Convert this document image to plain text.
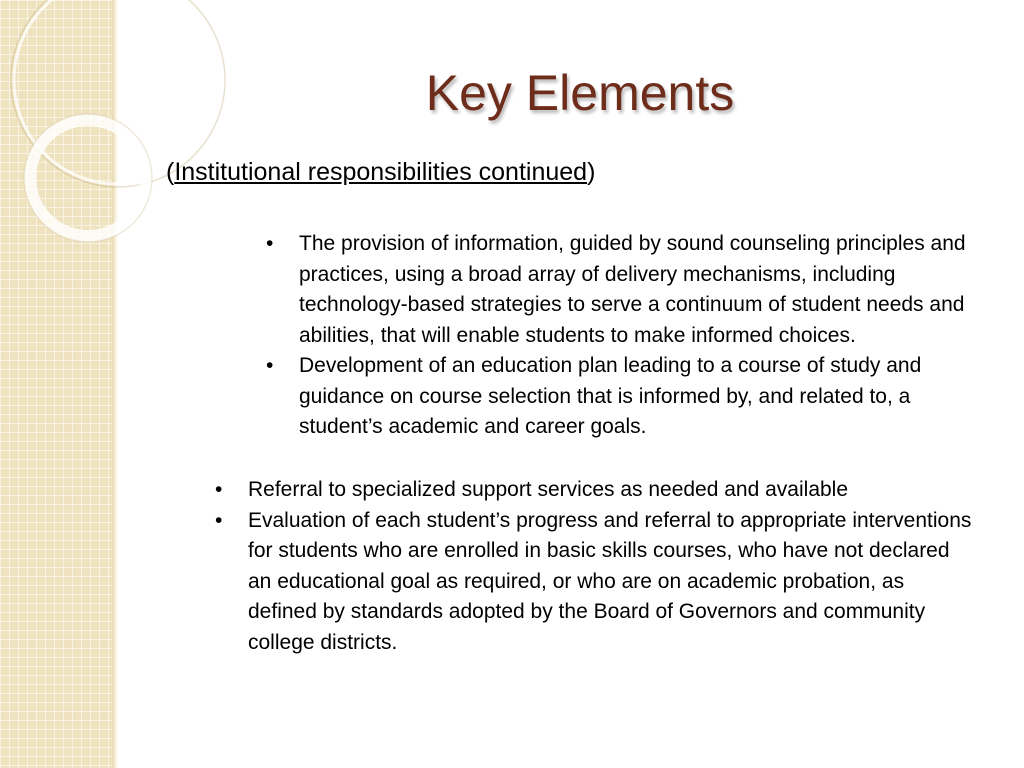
Key Elements

(Institutional responsibilities continued)

•	The provision of information, guided by sound counseling principles and practices, using a broad array of delivery mechanisms, including technology-based strategies to serve a continuum of student needs and abilities, that will enable students to make informed choices.
•	Development of an education plan leading to a course of study and guidance on course selection that is informed by, and related to, a student’s academic and career goals.
•	Referral to specialized support services as needed and available
•	Evaluation of each student’s progress and referral to appropriate interventions for students who are enrolled in basic skills courses, who have not declared an educational goal as required, or who are on academic probation, as defined by standards adopted by the Board of Governors and community college districts.
